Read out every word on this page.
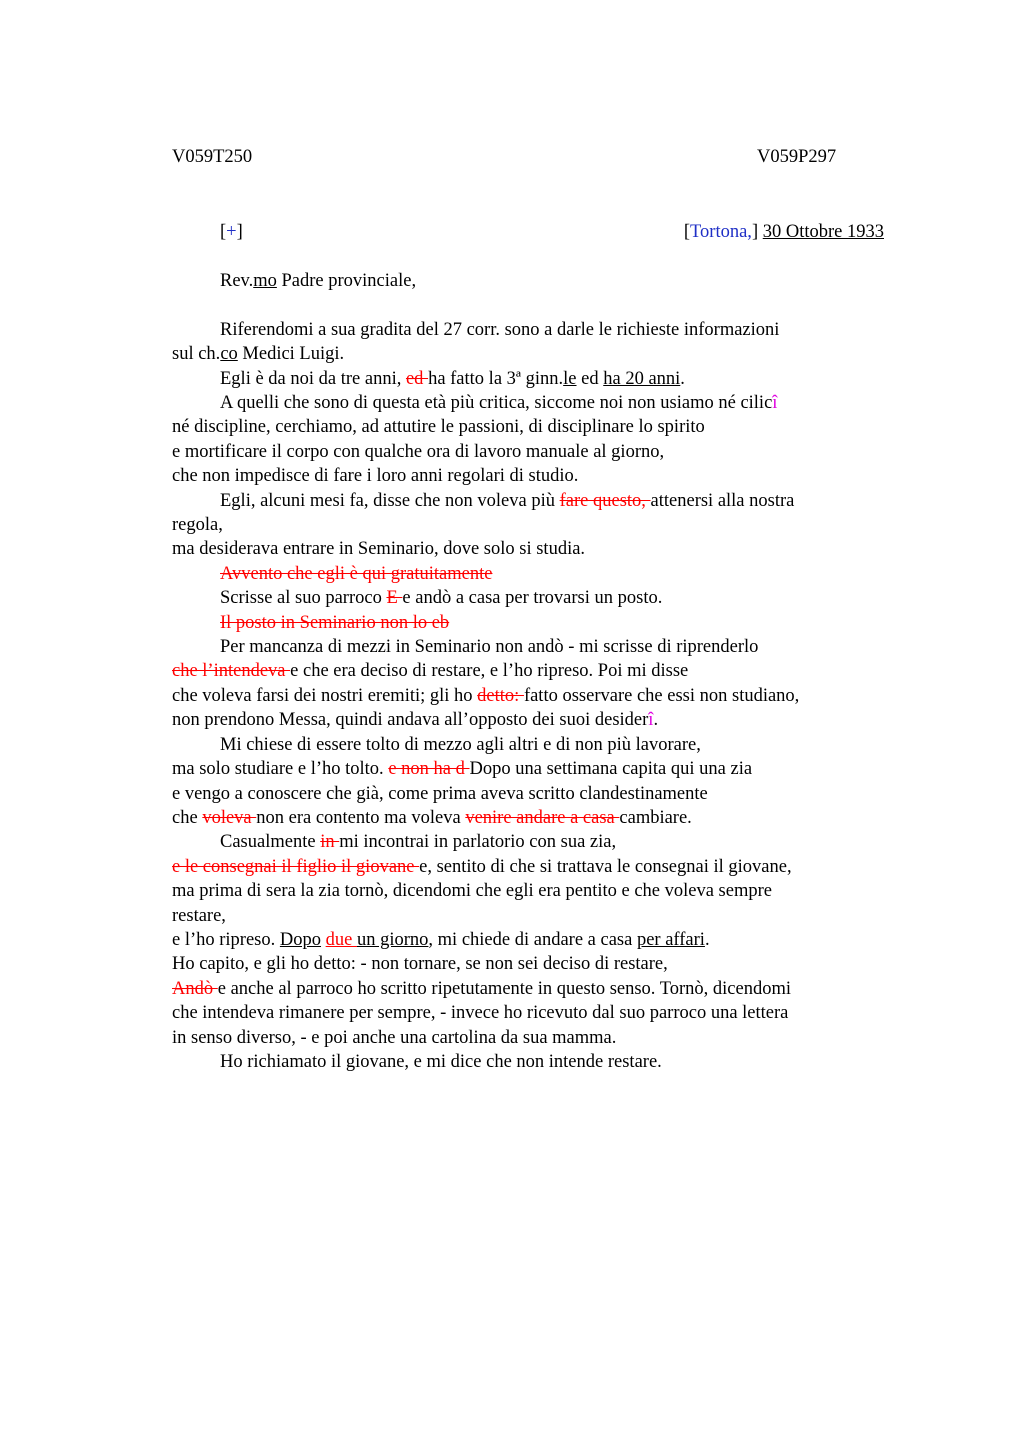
V059T250	V059P297
[+]	[Tortona,] 30 Ottobre 1933
Rev.mo Padre provinciale,
Riferendomi a sua gradita del 27 corr. sono a darle le richieste informazioni
sul ch.co Medici Luigi.
Egli è da noi da tre anni, ed ha fatto la 3ª ginn.le ed ha 20 anni.
A quelli che sono di questa età più critica, siccome noi non usiamo né cilicî
né discipline, cerchiamo, ad attutire le passioni, di disciplinare lo spirito
e mortificare il corpo con qualche ora di lavoro manuale al giorno,
che non impedisce di fare i loro anni regolari di studio.
Egli, alcuni mesi fa, disse che non voleva più fare questo, attenersi alla nostra
regola,
ma desiderava entrare in Seminario, dove solo si studia.
Avvento che egli è qui gratuitamente
Scrisse al suo parroco E e andò a casa per trovarsi un posto.
Il posto in Seminario non lo eb
Per mancanza di mezzi in Seminario non andò - mi scrisse di riprenderlo
che l’intendeva e che era deciso di restare, e l’ho ripreso. Poi mi disse
che voleva farsi dei nostri eremiti; gli ho detto: fatto osservare che essi non studiano,
non prendono Messa, quindi andava all’opposto dei suoi desiderî.
Mi chiese di essere tolto di mezzo agli altri e di non più lavorare,
ma solo studiare e l’ho tolto. e non ha d Dopo una settimana capita qui una zia
e vengo a conoscere che già, come prima aveva scritto clandestinamente
che voleva non era contento ma voleva venire andare a casa cambiare.
Casualmente in mi incontrai in parlatorio con sua zia,
e le consegnai il figlio il giovane e, sentito di che si trattava le consegnai il giovane,
ma prima di sera la zia tornò, dicendomi che egli era pentito e che voleva sempre
restare,
e l’ho ripreso. Dopo due un giorno, mi chiede di andare a casa per affari.
Ho capito, e gli ho detto: - non tornare, se non sei deciso di restare,
Andò e anche al parroco ho scritto ripetutamente in questo senso. Tornò, dicendomi
che intendeva rimanere per sempre, - invece ho ricevuto dal suo parroco una lettera
in senso diverso, - e poi anche una cartolina da sua mamma.
Ho richiamato il giovane, e mi dice che non intende restare.
